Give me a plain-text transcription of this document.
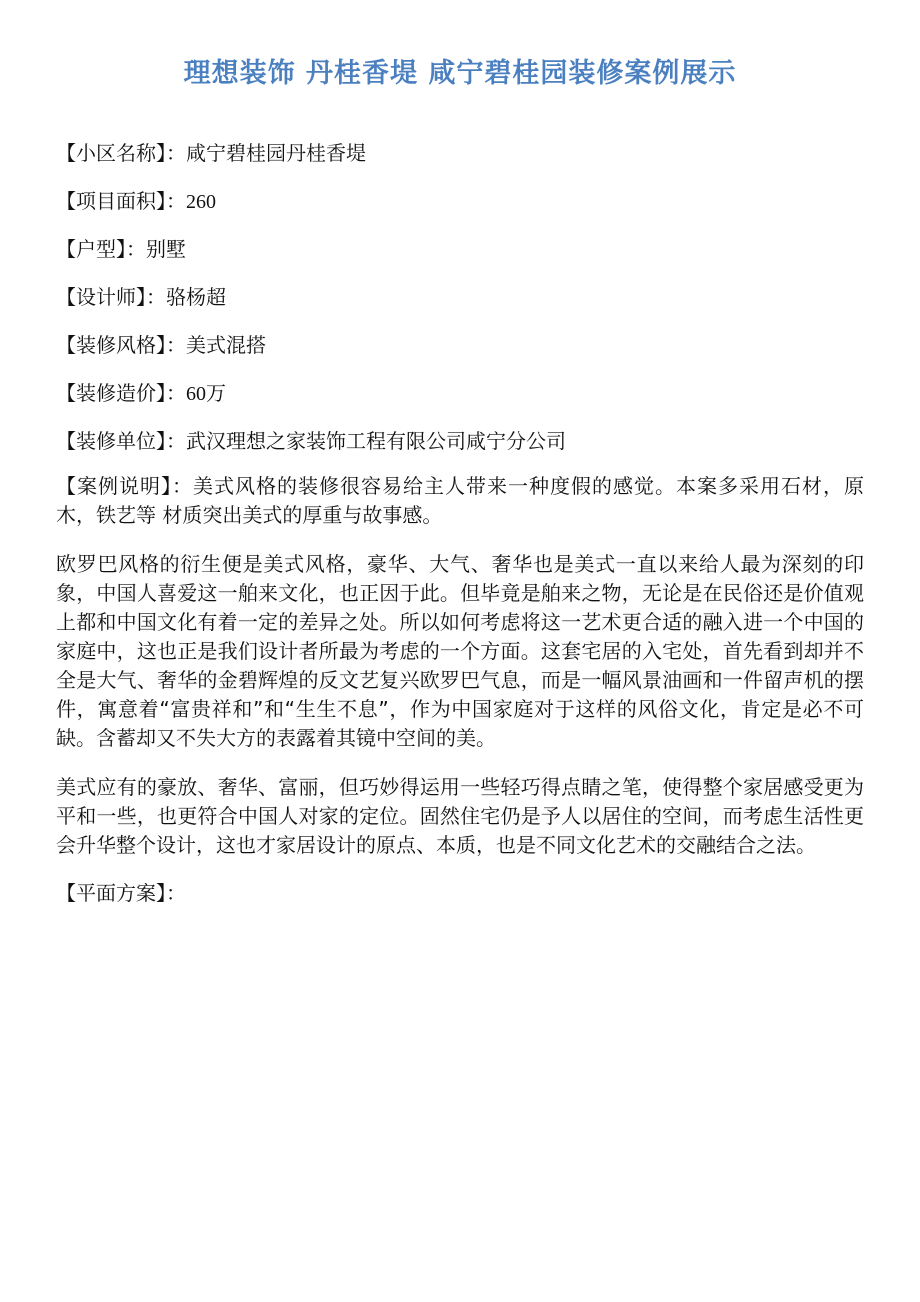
理想装饰 丹桂香堤 咸宁碧桂园装修案例展示
【小区名称】：咸宁碧桂园丹桂香堤
【项目面积】：260
【户型】：别墅
【设计师】：骆杨超
【装修风格】：美式混搭
【装修造价】：60万
【装修单位】：武汉理想之家装饰工程有限公司咸宁分公司

【案例说明】：美式风格的装修很容易给主人带来一种度假的感觉。本案多采用石材，原木，铁艺等 材质突出美式的厚重与故事感。

欧罗巴风格的衍生便是美式风格，豪华、大气、奢华也是美式一直以来给人最为深刻的印象，中国人喜爱这一舶来文化，也正因于此。但毕竟是舶来之物，无论是在民俗还是价值观上都和中国文化有着一定的差异之处。所以如何考虑将这一艺术更合适的融入进一个中国的家庭中，这也正是我们设计者所最为考虑的一个方面。这套宅居的入宅处，首先看到却并不全是大气、奢华的金碧辉煌的反文艺复兴欧罗巴气息，而是一幅风景油画和一件留声机的摆件，寓意着“富贵祥和”和“生生不息”，作为中国家庭对于这样的风俗文化，肯定是必不可缺。含蓄却又不失大方的表露着其镜中空间的美。

美式应有的豪放、奢华、富丽，但巧妙得运用一些轻巧得点睛之笔，使得整个家居感受更为平和一些，也更符合中国人对家的定位。固然住宅仍是予人以居住的空间，而考虑生活性更会升华整个设计，这也才家居设计的原点、本质，也是不同文化艺术的交融结合之法。

【平面方案】：
